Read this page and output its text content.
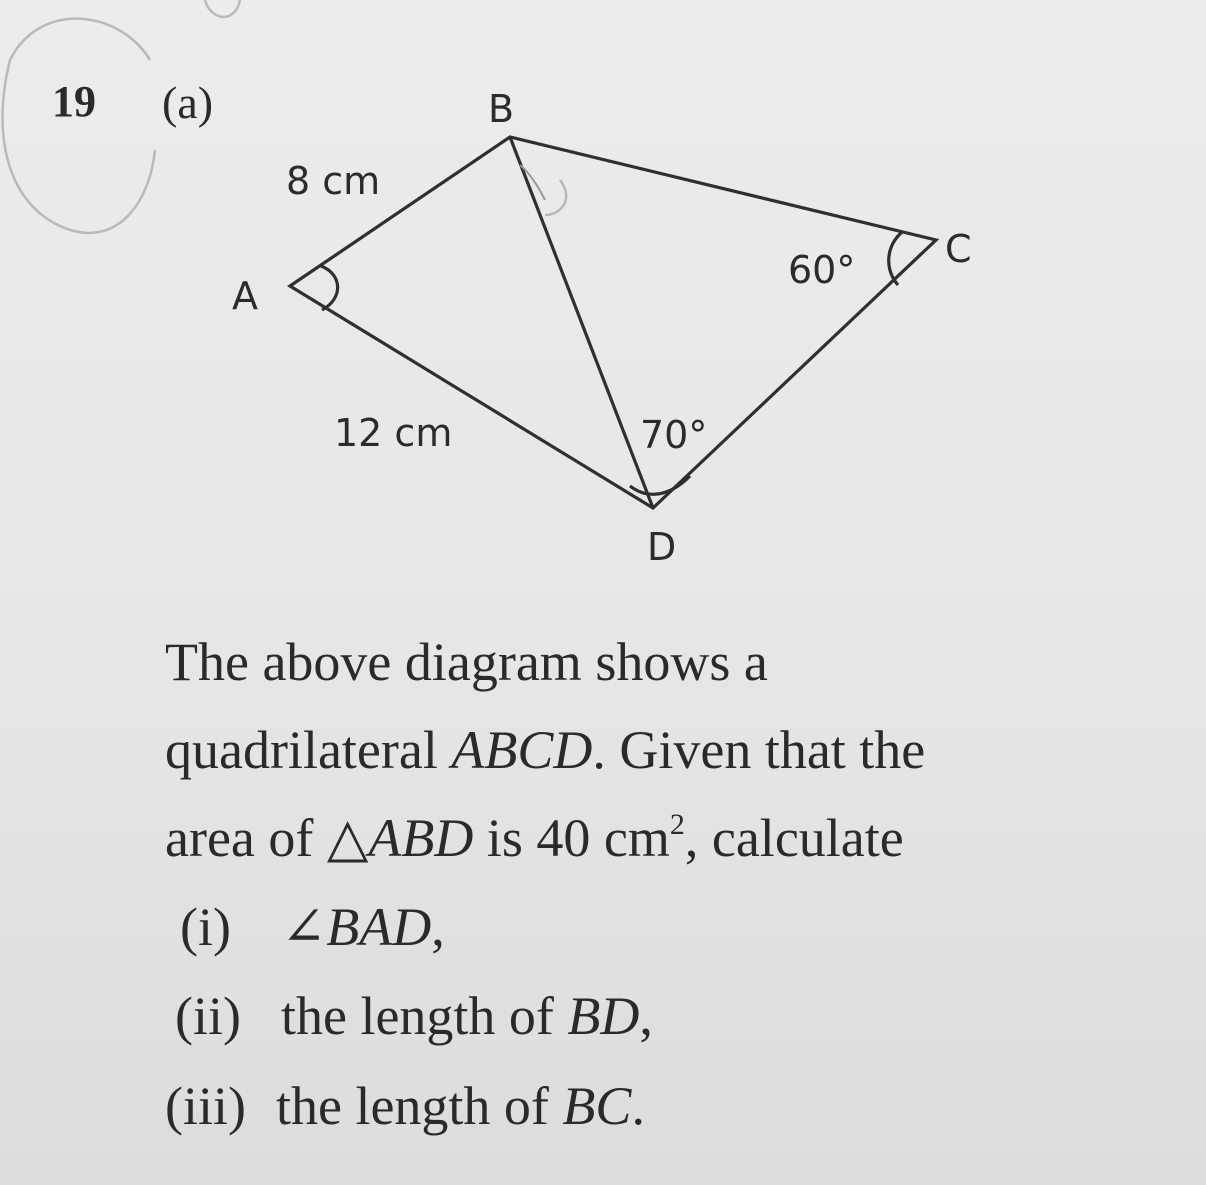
19 (a)
A
B
C
D
8 cm
12 cm
60°
70°
The above diagram shows a
quadrilateral ABCD. Given that the
area of △ABD is 40 $cm^2$, calculate
(i) ∠BAD,
(ii) the length of BD,
(iii) the length of BC.
